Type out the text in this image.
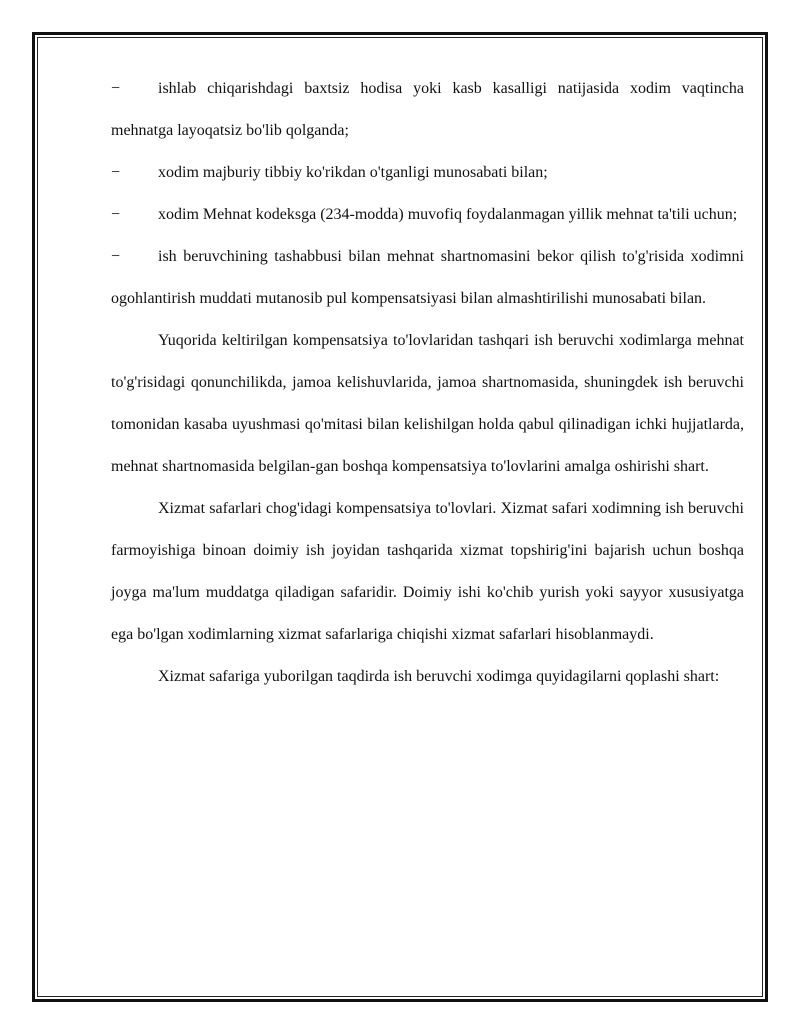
−	ishlab chiqarishdagi baxtsiz hodisa yoki kasb kasalligi natijasida xodim vaqtincha mehnatga layoqatsiz bo'lib qolganda;

−	xodim majburiy tibbiy ko'rikdan o'tganligi munosabati bilan;

−	xodim Mehnat kodeksga (234-modda) muvofiq foydalanmagan yillik mehnat ta'tili uchun;

−	ish beruvchining tashabbusi bilan mehnat shartnomasini bekor qilish to'g'risida xodimni ogohlantirish muddati mutanosib pul kompensatsiyasi bilan almashtirilishi munosabati bilan.

Yuqorida keltirilgan kompensatsiya to'lovlaridan tashqari ish beruvchi xodimlarga mehnat to'g'risidagi qonunchilikda, jamoa kelishuvlarida, jamoa shartnomasida, shuningdek ish beruvchi tomonidan kasaba uyushmasi qo'mitasi bilan kelishilgan holda qabul qilinadigan ichki hujjatlarda, mehnat shartnomasida belgilan-gan boshqa kompensatsiya to'lovlarini amalga oshirishi shart.

Xizmat safarlari chog'idagi kompensatsiya to'lovlari. Xizmat safari xodimning ish beruvchi farmoyishiga binoan doimiy ish joyidan tashqarida xizmat topshirig'ini bajarish uchun boshqa joyga ma'lum muddatga qiladigan safaridir. Doimiy ishi ko'chib yurish yoki sayyor xususiyatga ega bo'lgan xodimlarning xizmat safarlariga chiqishi xizmat safarlari hisoblanmaydi.

Xizmat safariga yuborilgan taqdirda ish beruvchi xodimga quyidagilarni qoplashi shart:
